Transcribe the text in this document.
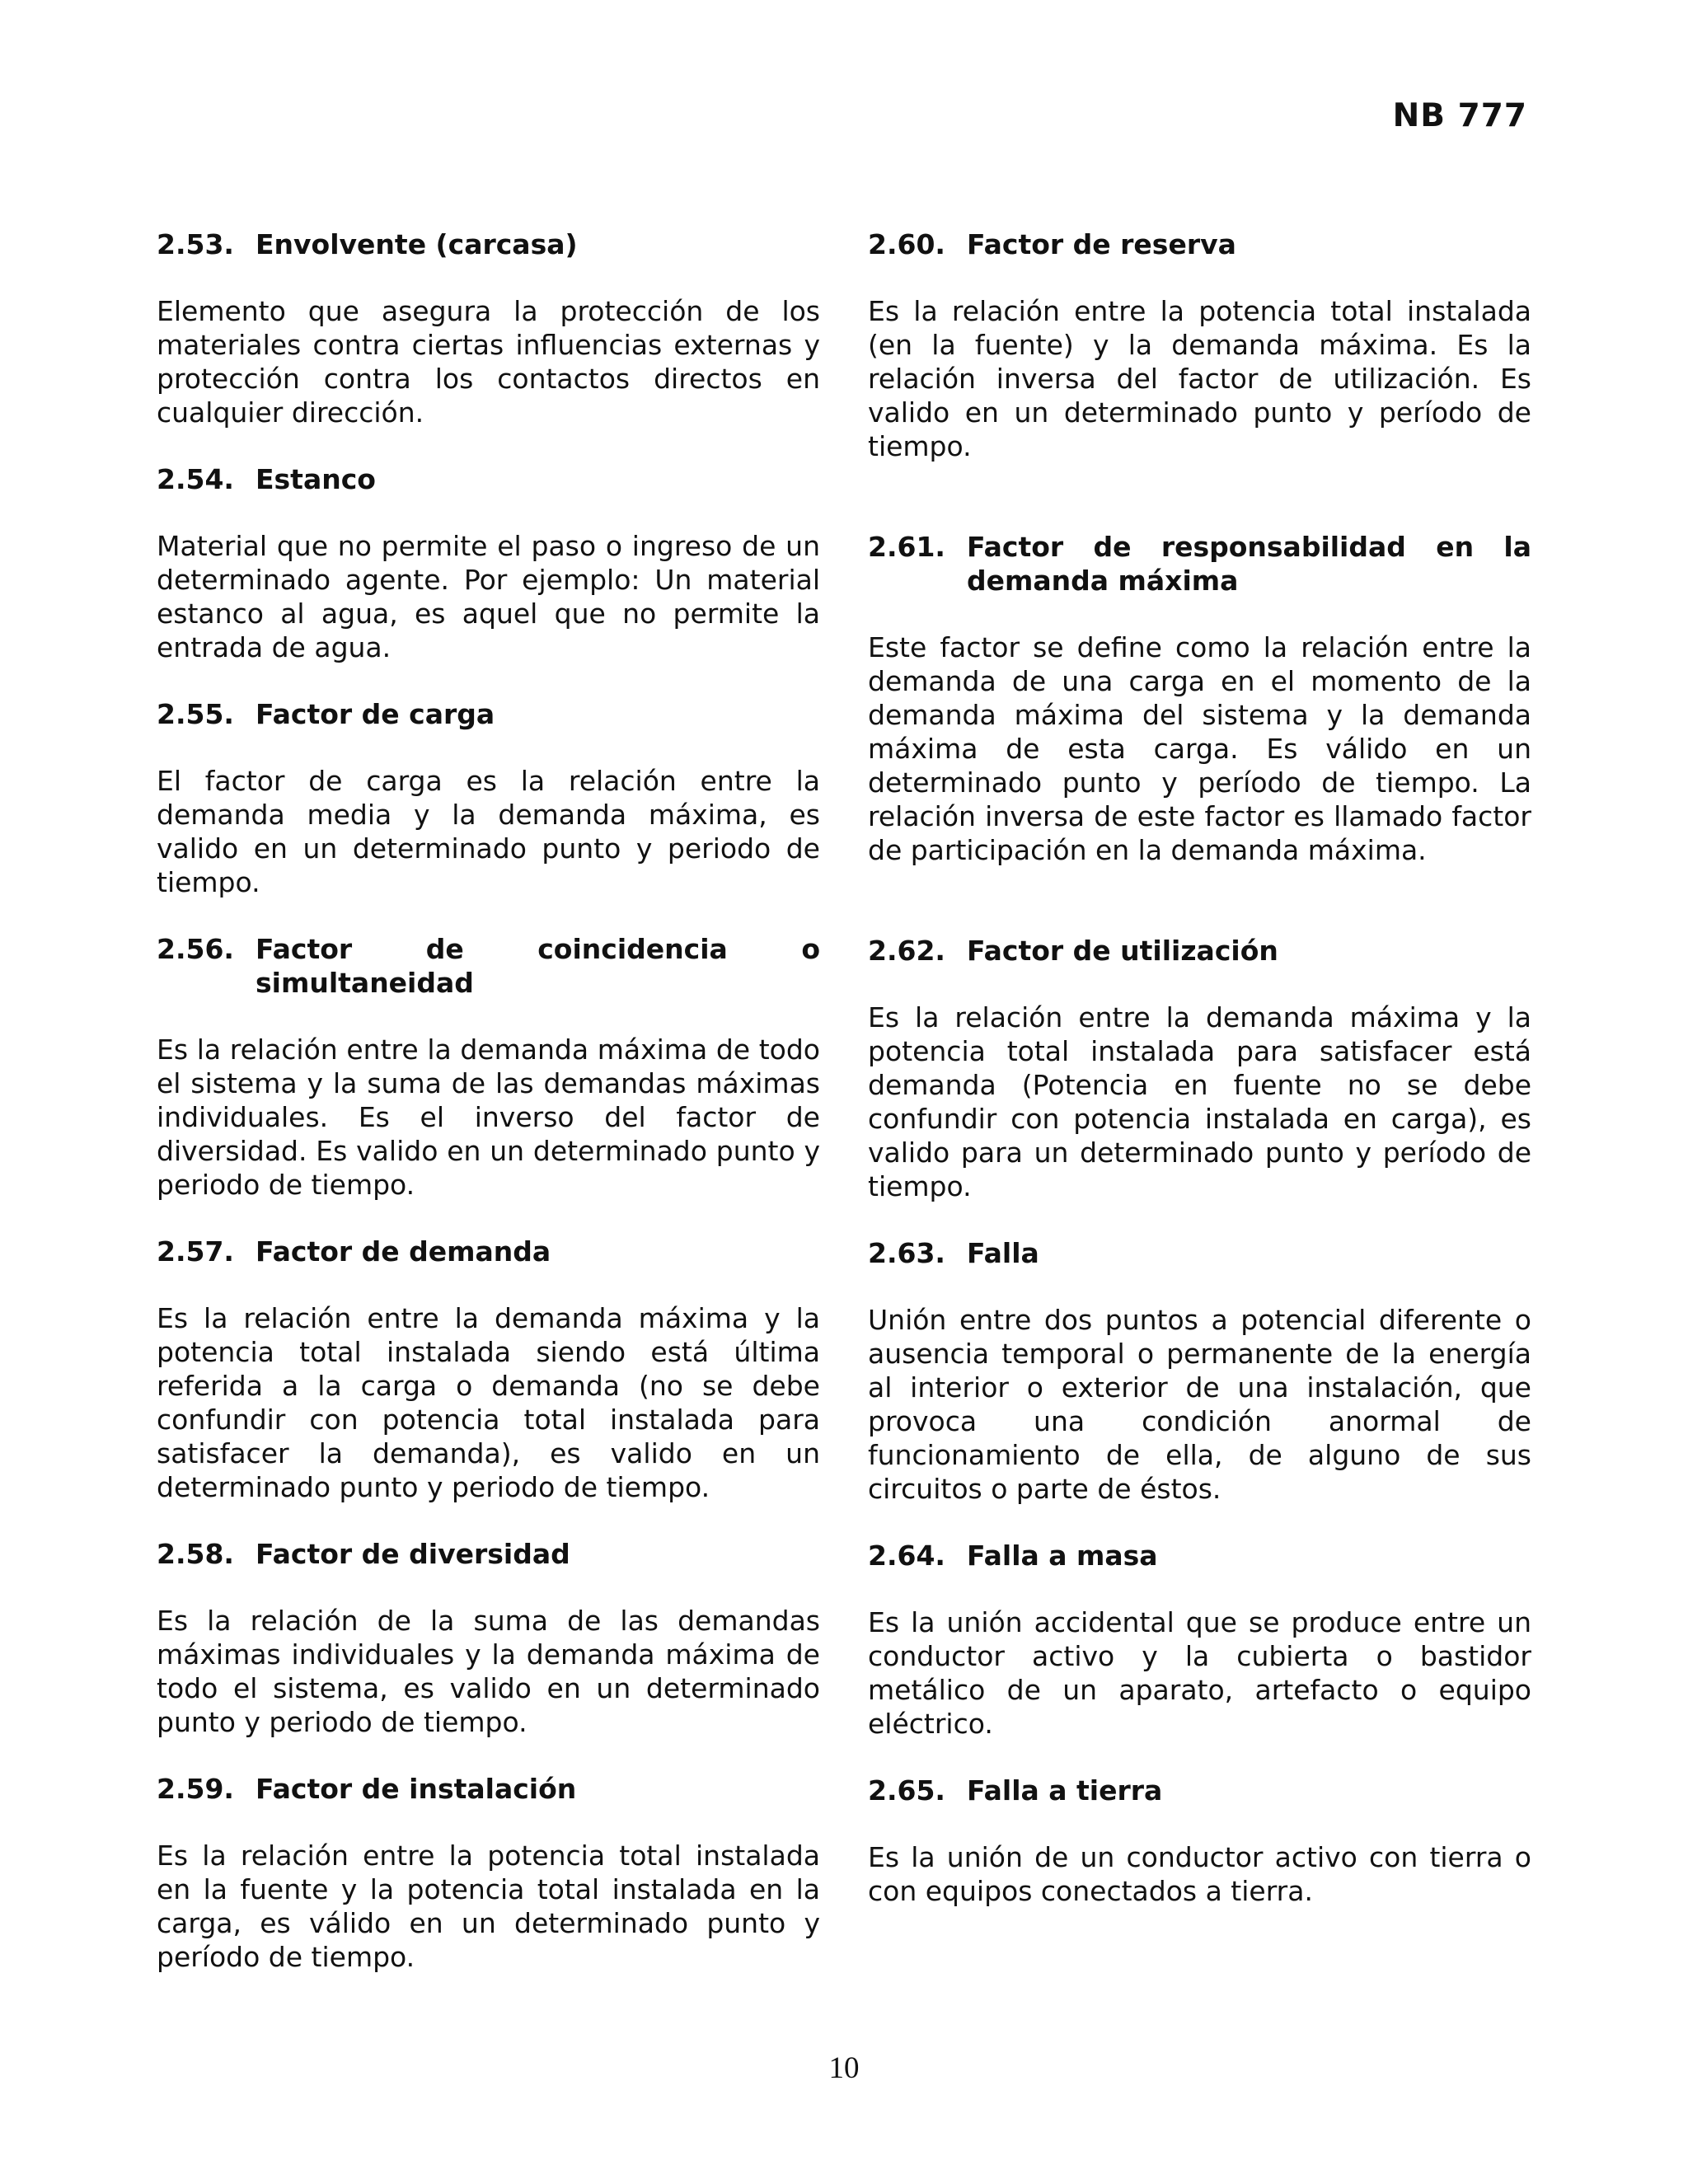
NB 777
2.53. Envolvente (carcasa)

Elemento que asegura la protección de los materiales contra ciertas influencias externas y protección contra los contactos directos en cualquier dirección.

2.54. Estanco

Material que no permite el paso o ingreso de un determinado agente. Por ejemplo: Un material estanco al agua, es aquel que no permite la entrada de agua.

2.55. Factor de carga

El factor de carga es la relación entre la demanda media y la demanda máxima, es valido en un determinado punto y periodo de tiempo.

2.56. Factor de coincidencia o
simultaneidad

Es la relación entre la demanda máxima de todo el sistema y la suma de las demandas máximas individuales. Es el inverso del factor de diversidad. Es valido en un determinado punto y periodo de tiempo.

2.57. Factor de demanda

Es la relación entre la demanda máxima y la potencia total instalada siendo está última referida a la carga o demanda (no se debe confundir con potencia total instalada para satisfacer la demanda), es valido en un determinado punto y periodo de tiempo.

2.58. Factor de diversidad

Es la relación de la suma de las demandas máximas individuales y la demanda máxima de todo el sistema, es valido en un determinado punto y periodo de tiempo.

2.59. Factor de instalación

Es la relación entre la potencia total instalada en la fuente y la potencia total instalada en la carga, es válido en un determinado punto y período de tiempo.

2.60. Factor de reserva

Es la relación entre la potencia total instalada (en la fuente) y la demanda máxima. Es la relación inversa del factor de utilización. Es valido en un determinado punto y período de tiempo.

2.61. Factor de responsabilidad en la
demanda máxima

Este factor se define como la relación entre la demanda de una carga en el momento de la demanda máxima del sistema y la demanda máxima de esta carga. Es válido en un determinado punto y período de tiempo. La relación inversa de este factor es llamado factor de participación en la demanda máxima.

2.62. Factor de utilización

Es la relación entre la demanda máxima y la potencia total instalada para satisfacer está demanda (Potencia en fuente no se debe confundir con potencia instalada en carga), es valido para un determinado punto y período de tiempo.

2.63. Falla

Unión entre dos puntos a potencial diferente o ausencia temporal o permanente de la energía al interior o exterior de una instalación, que provoca una condición anormal de funcionamiento de ella, de alguno de sus circuitos o parte de éstos.

2.64. Falla a masa

Es la unión accidental que se produce entre un conductor activo y la cubierta o bastidor metálico de un aparato, artefacto o equipo eléctrico.

2.65. Falla a tierra

Es la unión de un conductor activo con tierra o con equipos conectados a tierra.

10
